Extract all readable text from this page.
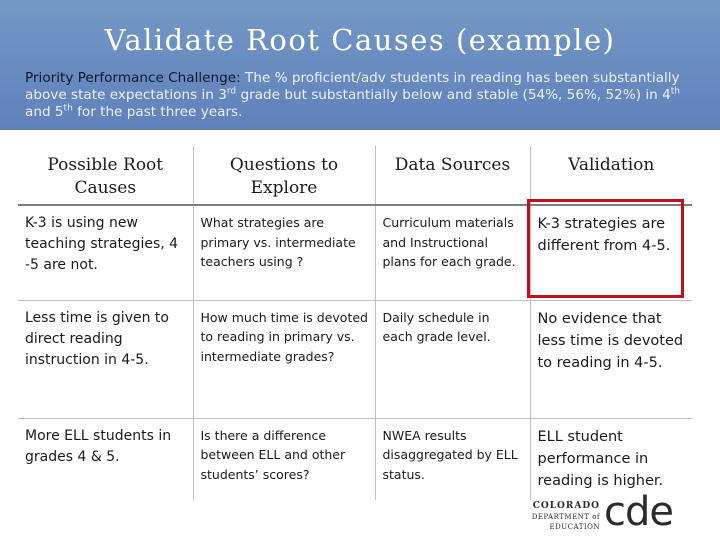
Validate Root Causes (example)
Priority Performance Challenge: The % proficient/adv students in reading has been substantially above state expectations in 3rd grade but substantially below and stable (54%, 56%, 52%) in 4th and 5th for the past three years.
Possible Root Causes	Questions to Explore	Data Sources	Validation
K-3 is using new teaching strategies, 4 -5 are not.	What strategies are primary vs. intermediate teachers using ?	Curriculum materials and Instructional plans for each grade.	K-3 strategies are different from 4-5.
Less time is given to direct reading instruction in 4-5.	How much time is devoted to reading in primary vs. intermediate grades?	Daily schedule in each grade level.	No evidence that less time is devoted to reading in 4-5.
More ELL students in grades 4 & 5.	Is there a difference between ELL and other students’ scores?	NWEA results disaggregated by ELL status.	ELL student performance in reading is higher.
COLORADO
DEPARTMENT of EDUCATION cde
